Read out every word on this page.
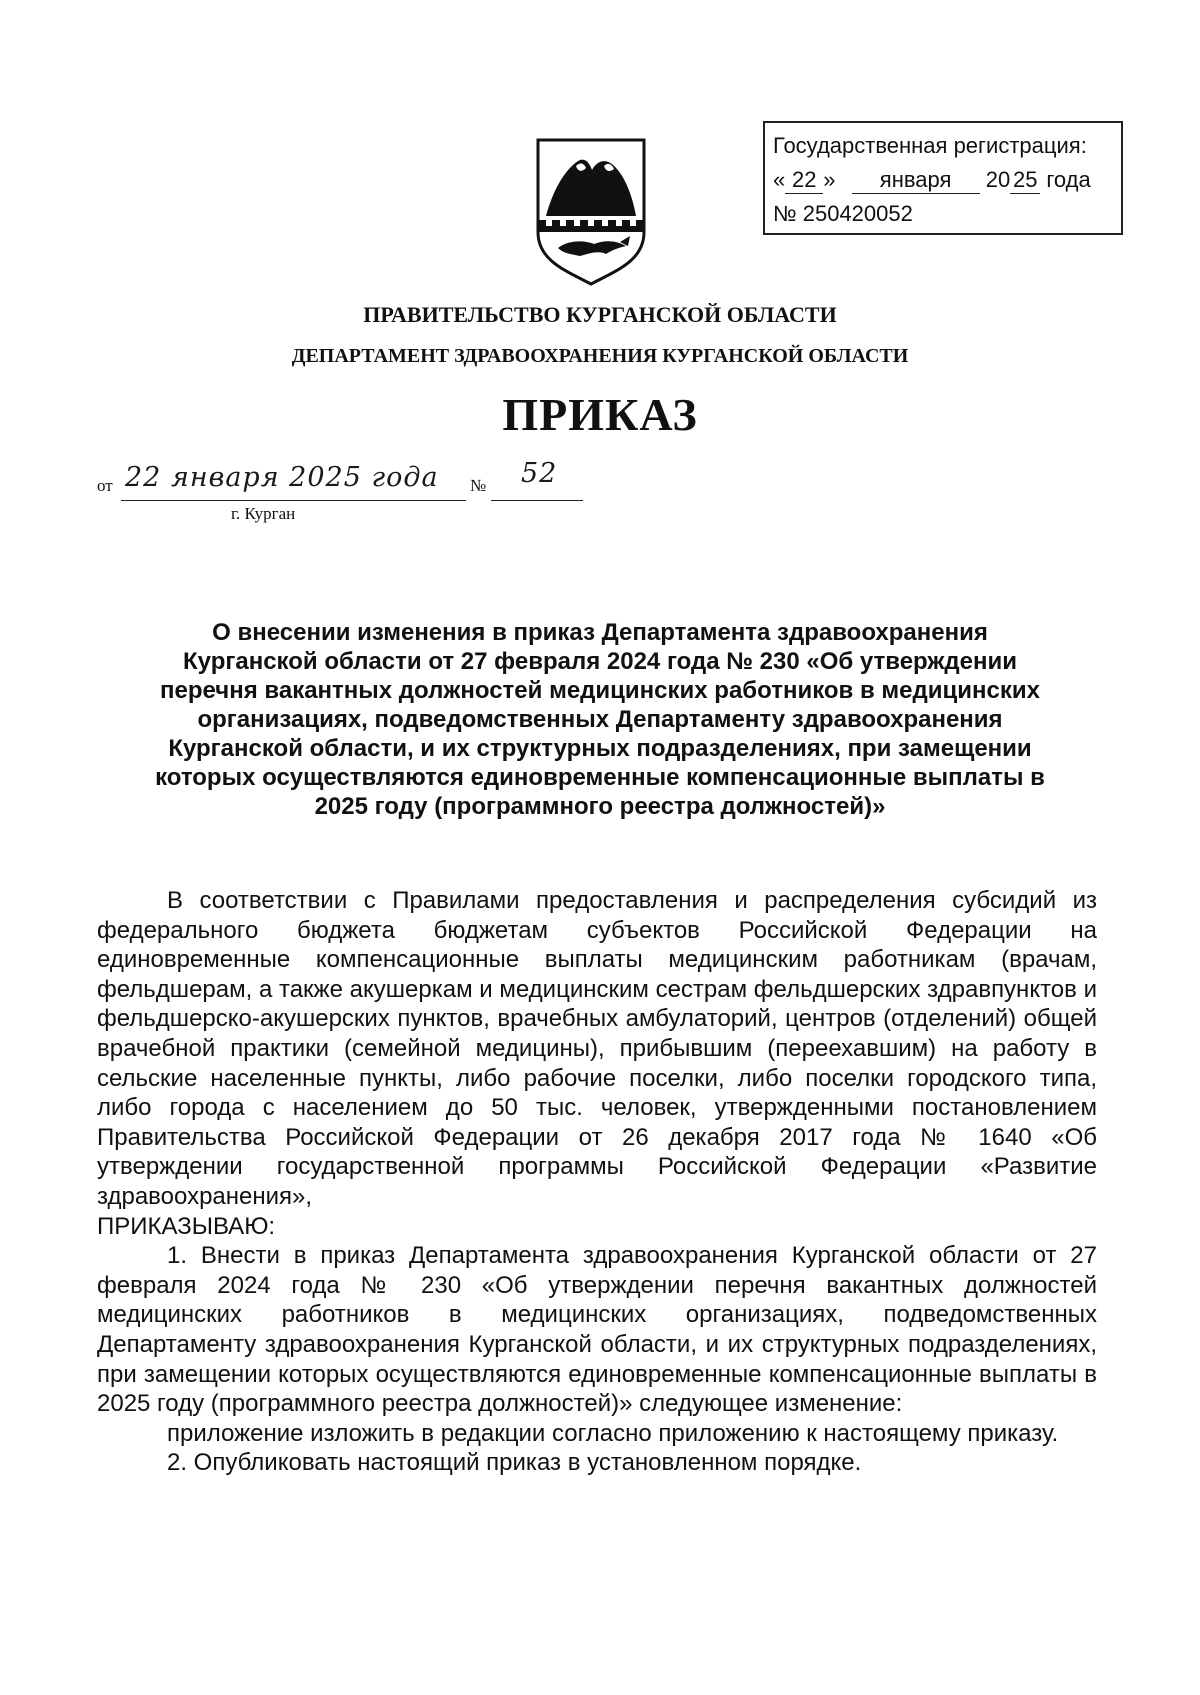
Государственная регистрация:
« 22 » января 20 25 года
№ 250420052
ПРАВИТЕЛЬСТВО КУРГАНСКОЙ ОБЛАСТИ
ДЕПАРТАМЕНТ ЗДРАВООХРАНЕНИЯ КУРГАНСКОЙ ОБЛАСТИ
ПРИКАЗ
от 22 января 2025 года № 52
г. Курган
О внесении изменения в приказ Департамента здравоохранения
Курганской области от 27 февраля 2024 года № 230 «Об утверждении
перечня вакантных должностей медицинских работников в медицинских
организациях, подведомственных Департаменту здравоохранения
Курганской области, и их структурных подразделениях, при замещении
которых осуществляются единовременные компенсационные выплаты в
2025 году (программного реестра должностей)»

В соответствии с Правилами предоставления и распределения субсидий из федерального бюджета бюджетам субъектов Российской Федерации на единовременные компенсационные выплаты медицинским работникам (врачам, фельдшерам, а также акушеркам и медицинским сестрам фельдшерских здравпунктов и фельдшерско-акушерских пунктов, врачебных амбулаторий, центров (отделений) общей врачебной практики (семейной медицины), прибывшим (переехавшим) на работу в сельские населенные пункты, либо рабочие поселки, либо поселки городского типа, либо города с населением до 50 тыс. человек, утвержденными постановлением Правительства Российской Федерации от 26 декабря 2017 года № 1640 «Об утверждении государственной программы Российской Федерации «Развитие здравоохранения»,

ПРИКАЗЫВАЮ:

1. Внести в приказ Департамента здравоохранения Курганской области от 27 февраля 2024 года № 230 «Об утверждении перечня вакантных должностей медицинских работников в медицинских организациях, подведомственных Департаменту здравоохранения Курганской области, и их структурных подразделениях, при замещении которых осуществляются единовременные компенсационные выплаты в 2025 году (программного реестра должностей)» следующее изменение:

приложение изложить в редакции согласно приложению к настоящему приказу.

2. Опубликовать настоящий приказ в установленном порядке.
